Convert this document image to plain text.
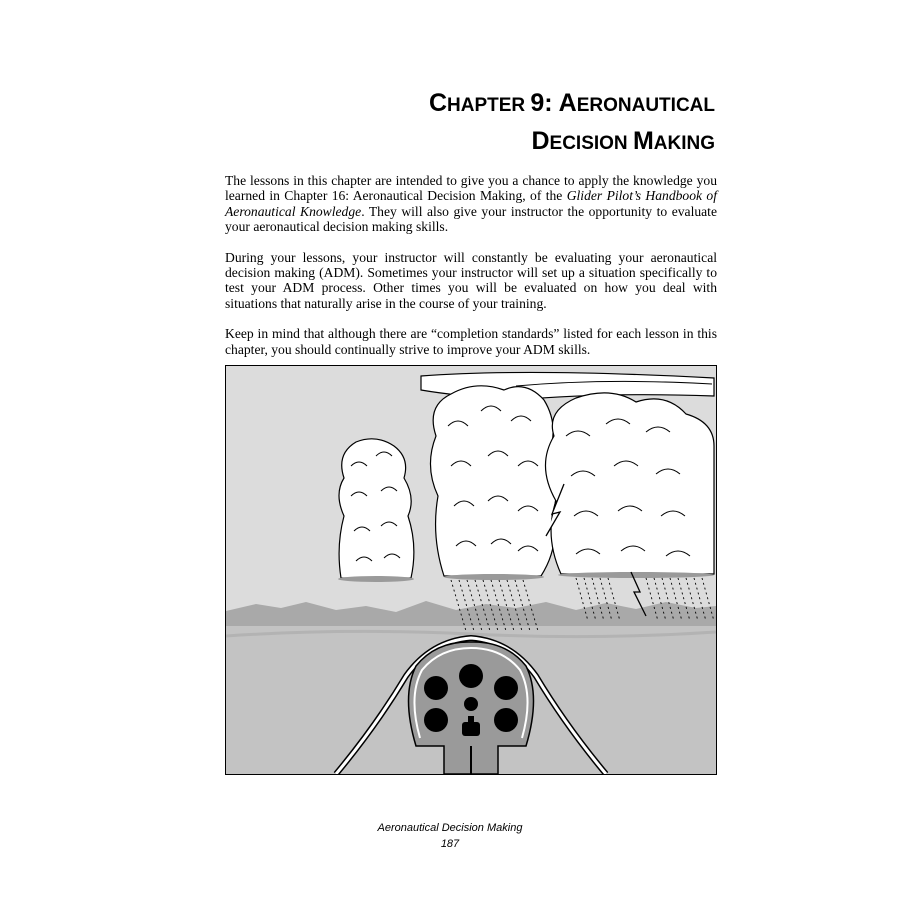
CHAPTER 9: AERONAUTICAL
DECISION MAKING

The lessons in this chapter are intended to give you a chance to apply the knowledge you learned in Chapter 16: Aeronautical Decision Making, of the Glider Pilot’s Handbook of Aeronautical Knowledge. They will also give your instructor the opportunity to evaluate your aeronautical decision making skills.

During your lessons, your instructor will constantly be evaluating your aeronautical decision making (ADM). Sometimes your instructor will set up a situation specifically to test your ADM process. Other times you will be evaluated on how you deal with situations that naturally arise in the course of your training.

Keep in mind that although there are “completion standards” listed for each lesson in this chapter, you should continually strive to improve your ADM skills.

Aeronautical Decision Making
187
